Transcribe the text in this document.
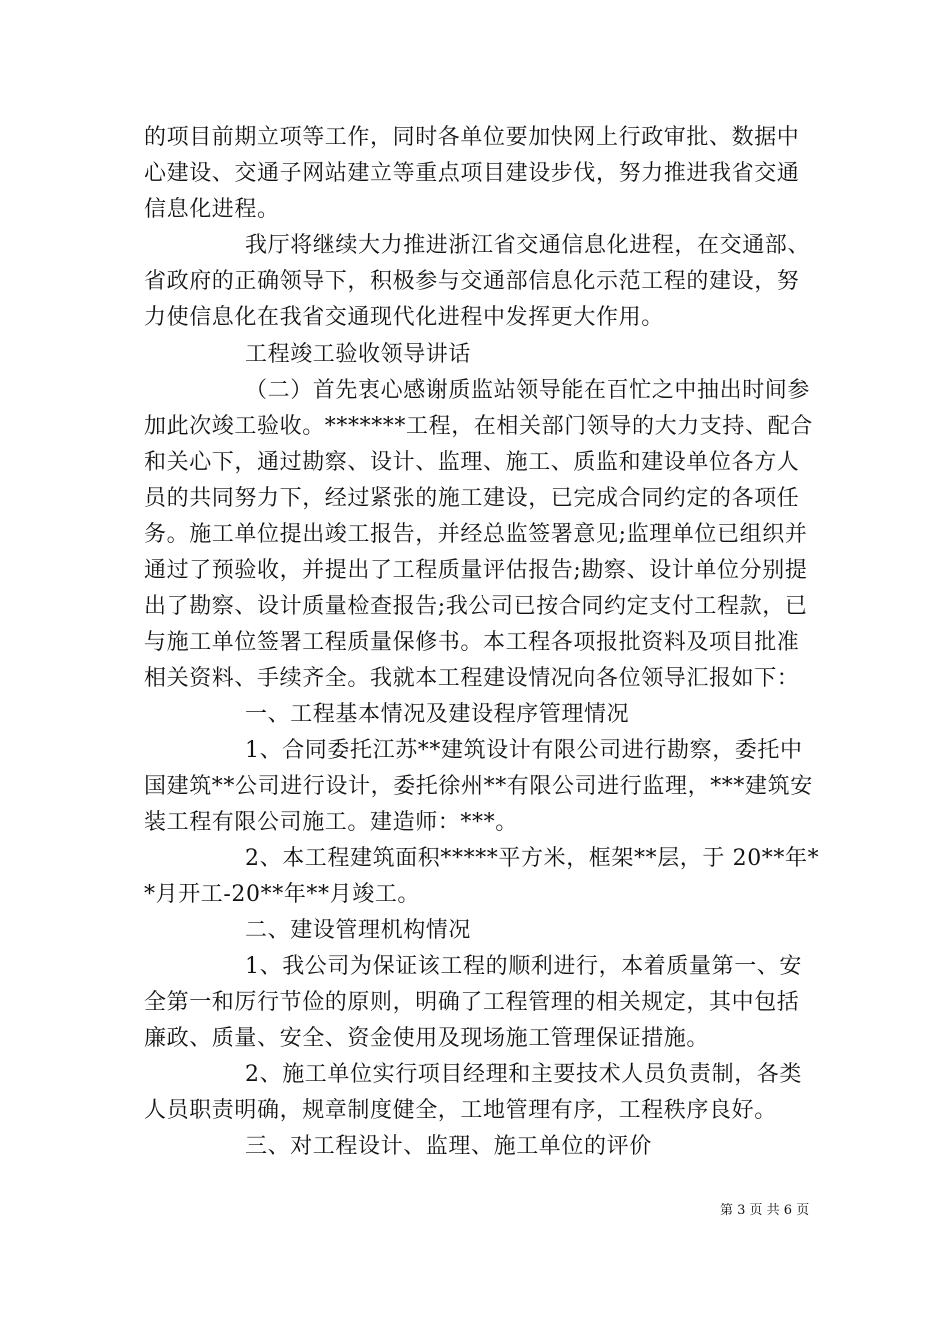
的项目前期立项等工作，同时各单位要加快网上行政审批、数据中
心建设、交通子网站建立等重点项目建设步伐，努力推进我省交通
信息化进程。
我厅将继续大力推进浙江省交通信息化进程，在交通部、
省政府的正确领导下，积极参与交通部信息化示范工程的建设，努
力使信息化在我省交通现代化进程中发挥更大作用。
工程竣工验收领导讲话
（二）首先衷心感谢质监站领导能在百忙之中抽出时间参
加此次竣工验收。*******工程，在相关部门领导的大力支持、配合
和关心下，通过勘察、设计、监理、施工、质监和建设单位各方人
员的共同努力下，经过紧张的施工建设，已完成合同约定的各项任
务。施工单位提出竣工报告，并经总监签署意见;监理单位已组织并
通过了预验收，并提出了工程质量评估报告;勘察、设计单位分别提
出了勘察、设计质量检查报告;我公司已按合同约定支付工程款，已
与施工单位签署工程质量保修书。本工程各项报批资料及项目批准
相关资料、手续齐全。我就本工程建设情况向各位领导汇报如下：
一、工程基本情况及建设程序管理情况
1、合同委托江苏**建筑设计有限公司进行勘察，委托中
国建筑**公司进行设计，委托徐州**有限公司进行监理，***建筑安
装工程有限公司施工。建造师：***。
2、本工程建筑面积*****平方米，框架**层，于 20**年*
*月开工-20**年**月竣工。
二、建设管理机构情况
1、我公司为保证该工程的顺利进行，本着质量第一、安
全第一和厉行节俭的原则，明确了工程管理的相关规定，其中包括
廉政、质量、安全、资金使用及现场施工管理保证措施。
2、施工单位实行项目经理和主要技术人员负责制，各类
人员职责明确，规章制度健全，工地管理有序，工程秩序良好。
三、对工程设计、监理、施工单位的评价
第 3 页 共 6 页
